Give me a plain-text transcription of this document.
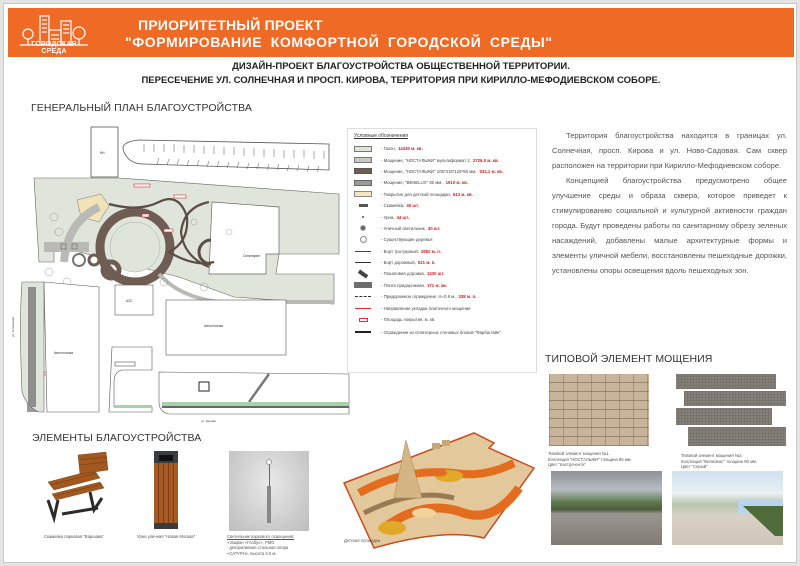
ГОРОДСКАЯ СРЕДА
ПРИОРИТЕТНЫЙ ПРОЕКТ
"ФОРМИРОВАНИЕ КОМФОРТНОЙ ГОРОДСКОЙ СРЕДЫ"
ДИЗАЙН-ПРОЕКТ БЛАГОУСТРОЙСТВА ОБЩЕСТВЕННОЙ ТЕРРИТОРИИ.
ПЕРЕСЕЧЕНИЕ УЛ. СОЛНЕЧНАЯ И ПРОСП. КИРОВА, ТЕРРИТОРИЯ ПРИ КИРИЛЛО-МЕФОДИЕВСКОМ СОБОРЕ.
ГЕНЕРАЛЬНЫЙ ПЛАН БЛАГОУСТРОЙСТВА
КН
Сенинарие
ул. Солнечная
Автостоянка
АЗС
Автостоянка
ул. Кирова
Условные обозначения
- Газон, 14430 м. кв.
- Мощение, "НОСТАЛЬЖИ" мультиформат 2, 2726,5 м. кв.
- Мощение, "НОСТАЛЬЖИ" 105*315*126*60 мм., 534,1 м. кв.
- Мощение, "BENELUX" 80 мм., 1910 м. кв.
- Покрытие для детской площадки, 513 м. кв.
- Скамейка, 40 шт.
- Урна, 44 шт.
- Уличный светильник, 40 шт.
- Существующие деревья
- Борт тротуарный, 2682 м. п.
- Борт дорожный, 521 м. п.
- Пошаговая дорожка, 1430 шт.
- Плита придорожная, 171 м. кв.
- Придорожное ограждение, Н=0,9 м., 338 м. п.
- Направление укладки плиточного мощения
- Площадь покрытия, м. кв.
- Ограждение из сплитерных стеновых блоков "Фарбштайн"

Территория благоустройства находится в границах ул. Солнечная, просп. Кирова и ул. Ново-Садовая. Сам сквер расположен на территории при Кирилло-Мефодиевском соборе.

Концепцией благоустройства предусмотрено общее улучшение среды и образа сквера, которое приведет к стимулированию социальной и культурной активности граждан города. Будут проведены работы по санитарному обрезу зеленых насаждений, добавлены малые архитектурные формы и элементы уличной мебели, восстановлены пешеходные дорожки, установлены опоры освещения вдоль пешеходных зон.

ТИПОВОЙ ЭЛЕМЕНТ МОЩЕНИЯ
Типовой элемент мощения №1.
Коллекция "НОСТАЛЬЖИ" толщина 60 мм.
Цвет "Кастрочента"
Типовой элемент мощения №2.
Коллекция "Бенелюкс" толщина 80 мм.
Цвет "Серый"
ЭЛЕМЕНТЫ БЛАГОУСТРОЙСТВА
Скамейка парковая "Варшава"	Урна уличная "Новая Москва"	Светильник паркового освещения:
-плафон «Глобус», РМО
- декоративная стальная опора
«САТУРН», высота 4.0 м.
Детская площадка
